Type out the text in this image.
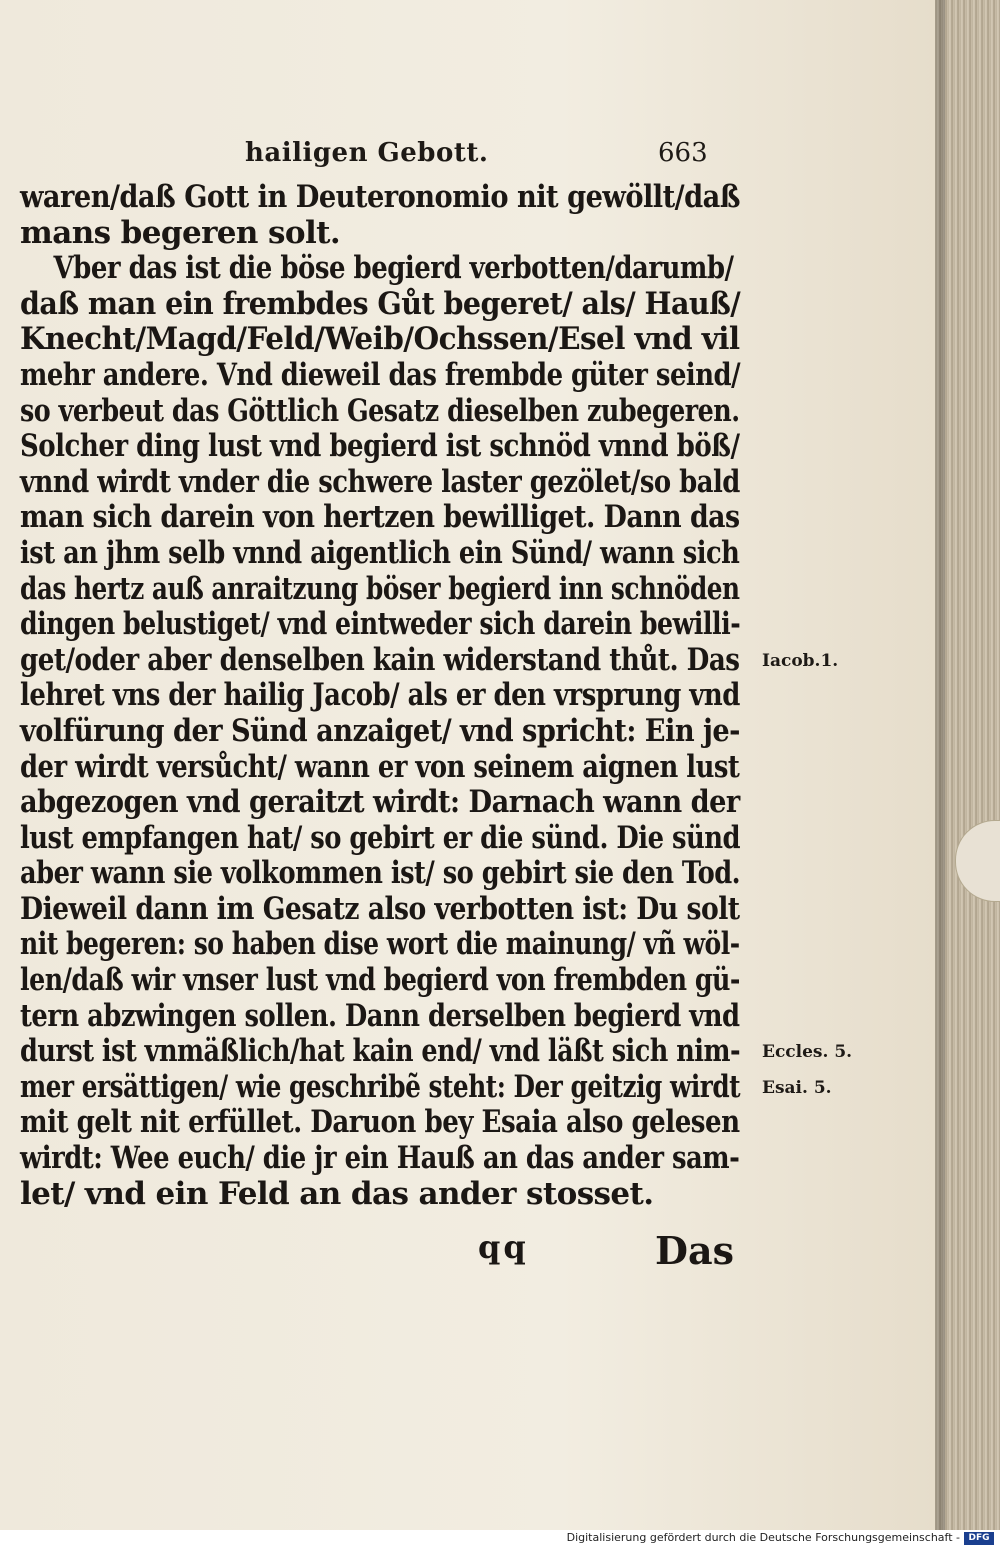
hailigen Gebott.	663
waren/daß Gott in Deuteronomio nit gewöllt/daß
mans begeren solt.
Vber das ist die böse begierd verbotten/darumb/
daß man ein frembdes Gůt begeret/ als/ Hauß/
Knecht/Magd/Feld/Weib/Ochssen/Esel vnd vil
mehr andere. Vnd dieweil das frembde güter seind/
so verbeut das Göttlich Gesatz dieselben zubegeren.
Solcher ding lust vnd begierd ist schnöd vnnd böß/
vnnd wirdt vnder die schwere laster gezölet/so bald
man sich darein von hertzen bewilliget. Dann das
ist an jhm selb vnnd aigentlich ein Sünd/ wann sich
das hertz auß anraitzung böser begierd inn schnöden
dingen belustiget/ vnd eintweder sich darein bewilli-
get/oder aber denselben kain widerstand thůt. Das
lehret vns der hailig Jacob/ als er den vrsprung vnd
volfürung der Sünd anzaiget/ vnd spricht: Ein je-
der wirdt versůcht/ wann er von seinem aignen lust
abgezogen vnd geraitzt wirdt: Darnach wann der
lust empfangen hat/ so gebirt er die sünd. Die sünd
aber wann sie volkommen ist/ so gebirt sie den Tod.
Dieweil dann im Gesatz also verbotten ist: Du solt
nit begeren: so haben dise wort die mainung/ vñ wöl-
len/daß wir vnser lust vnd begierd von frembden gü-
tern abzwingen sollen. Dann derselben begierd vnd
durst ist vnmäßlich/hat kain end/ vnd läßt sich nim-
mer ersättigen/ wie geschribẽ steht: Der geitzig wirdt
mit gelt nit erfüllet. Daruon bey Esaia also gelesen
wirdt: Wee euch/ die jr ein Hauß an das ander sam-
let/ vnd ein Feld an das ander stosset.
Iacob.1.
Eccles. 5.
Esai. 5.
qq	Das
Digitalisierung gefördert durch die Deutsche Forschungsgemeinschaft - DFG
